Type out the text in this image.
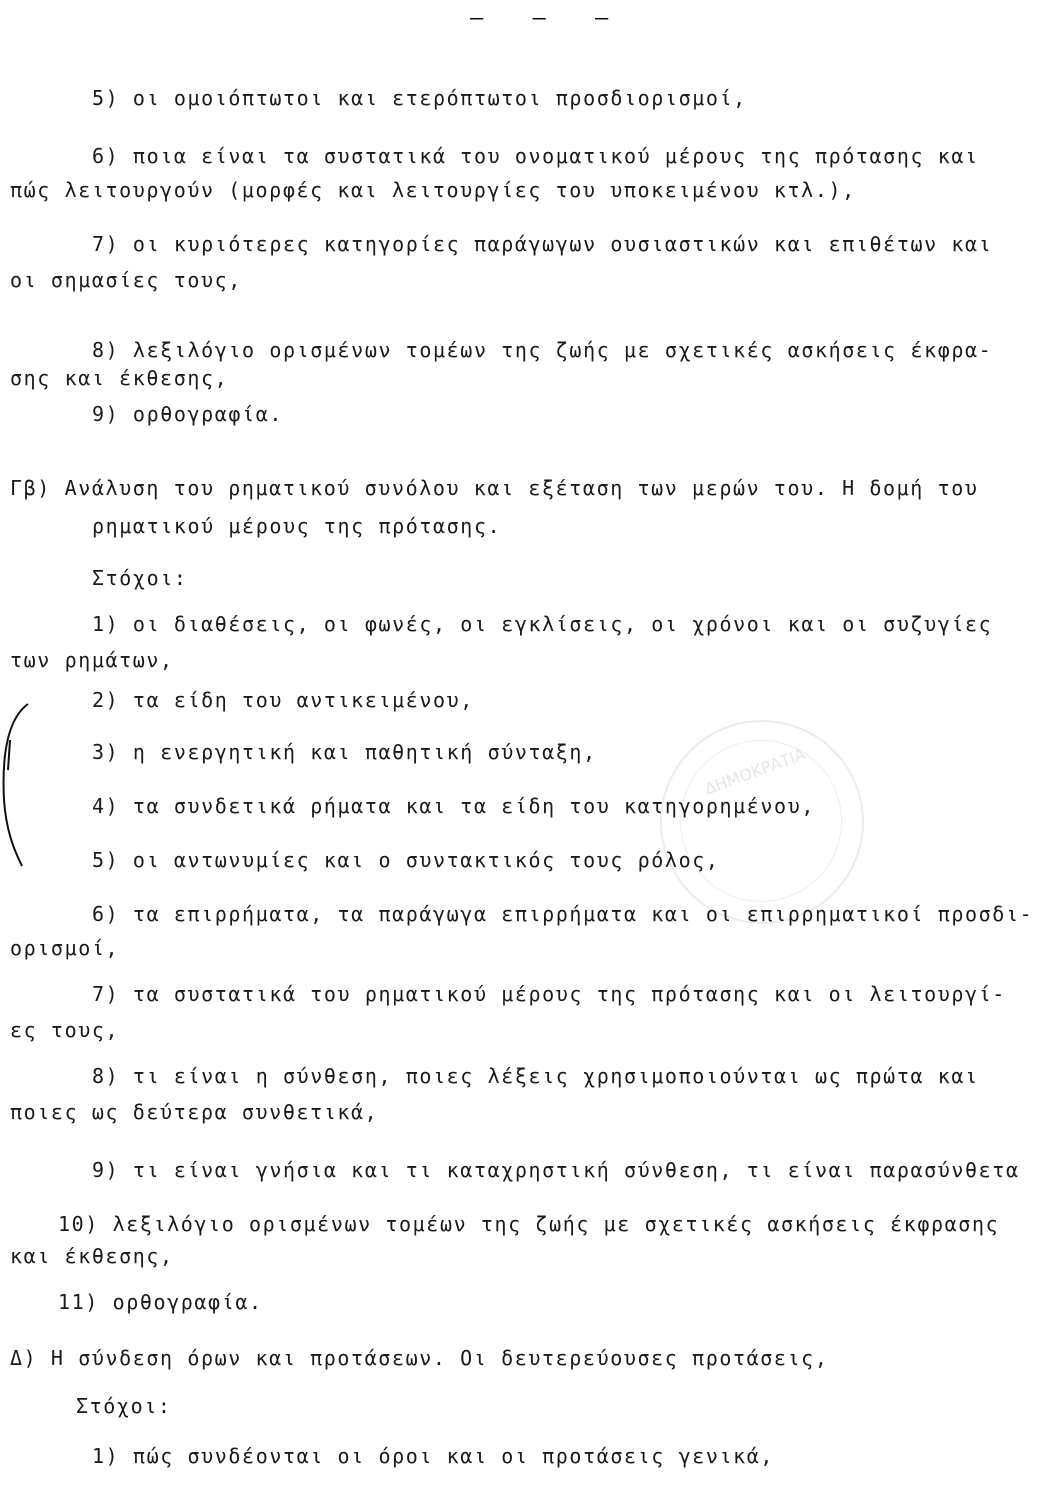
– – –
ΔΗΜΟΚΡΑΤΙΑ
5) οι ομοιόπτωτοι και ετερόπτωτοι προσδιορισμοί,
6) ποια είναι τα συστατικά του ονοματικού μέρους της πρότασης και
πώς λειτουργούν (μορφές και λειτουργίες του υποκειμένου κτλ.),
7) οι κυριότερες κατηγορίες παράγωγων ουσιαστικών και επιθέτων και
οι σημασίες τους,
8) λεξιλόγιο ορισμένων τομέων της ζωής με σχετικές ασκήσεις έκφρα-
σης και έκθεσης,
9) ορθογραφία.
Γβ) Ανάλυση του ρηματικού συνόλου και εξέταση των μερών του. Η δομή του
ρηματικού μέρους της πρότασης.
Στόχοι:
1) οι διαθέσεις, οι φωνές, οι εγκλίσεις, οι χρόνοι και οι συζυγίες
των ρημάτων,
2) τα είδη του αντικειμένου,
3) η ενεργητική και παθητική σύνταξη,
4) τα συνδετικά ρήματα και τα είδη του κατηγορημένου,
5) οι αντωνυμίες και ο συντακτικός τους ρόλος,
6) τα επιρρήματα, τα παράγωγα επιρρήματα και οι επιρρηματικοί προσδι-
ορισμοί,
7) τα συστατικά του ρηματικού μέρους της πρότασης και οι λειτουργί-
ες τους,
8) τι είναι η σύνθεση, ποιες λέξεις χρησιμοποιούνται ως πρώτα και
ποιες ως δεύτερα συνθετικά,
9) τι είναι γνήσια και τι καταχρηστική σύνθεση, τι είναι παρασύνθετα
10) λεξιλόγιο ορισμένων τομέων της ζωής με σχετικές ασκήσεις έκφρασης
και έκθεσης,
11) ορθογραφία.
Δ) Η σύνδεση όρων και προτάσεων. Οι δευτερεύουσες προτάσεις,
Στόχοι:
1) πώς συνδέονται οι όροι και οι προτάσεις γενικά,
